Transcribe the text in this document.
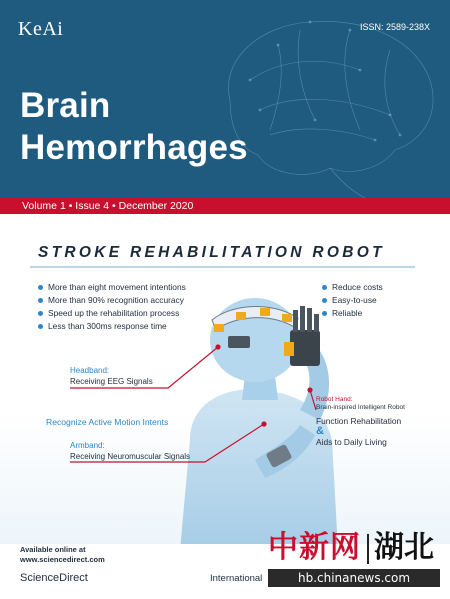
KeAi	ISSN: 2589-238X
Brain
Hemorrhages
Volume 1 • Issue 4 • December 2020
STROKE REHABILITATION ROBOT
More than eight movement intentions
More than 90% recognition accuracy
Speed up the rehabilitation process
Less than 300ms response time
Reduce costs
Easy-to-use
Reliable
Headband:
Receiving EEG Signals
Recognize Active Motion Intents
Armband:
Receiving Neuromuscular Signals
Robot Hand:
Brain-inspired Intelligent Robot
Function Rehabilitation
&
Aids to Daily Living
Available online at
www.sciencedirect.com
ScienceDirect	International
中新网 湖北
hb.chinanews.com
